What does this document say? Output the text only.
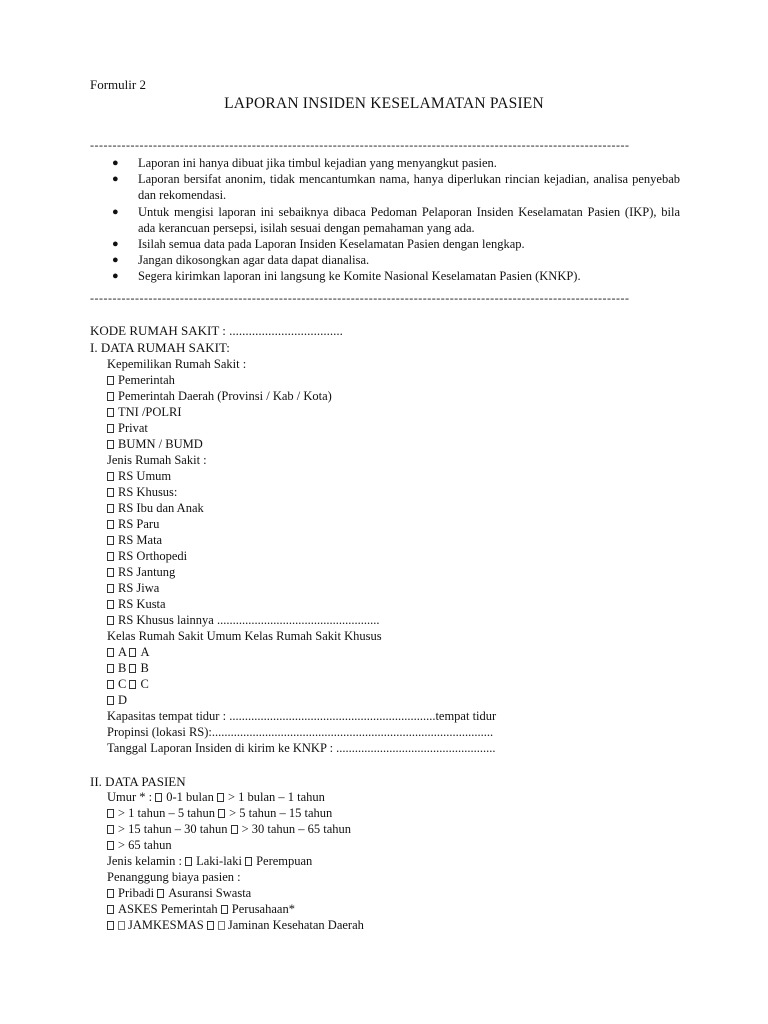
Formulir 2
LAPORAN INSIDEN KESELAMATAN PASIEN
------------------------------------------------------------------------------------------------------------------------
● Laporan ini hanya dibuat jika timbul kejadian yang menyangkut pasien.
● Laporan bersifat anonim, tidak mencantumkan nama, hanya diperlukan rincian kejadian, analisa penyebab dan rekomendasi.
● Untuk mengisi laporan ini sebaiknya dibaca Pedoman Pelaporan Insiden Keselamatan Pasien (IKP), bila ada kerancuan persepsi, isilah sesuai dengan pemahaman yang ada.
● Isilah semua data pada Laporan Insiden Keselamatan Pasien dengan lengkap.
● Jangan dikosongkan agar data dapat dianalisa.
● Segera kirimkan laporan ini langsung ke Komite Nasional Keselamatan Pasien (KNKP).
------------------------------------------------------------------------------------------------------------------------
KODE RUMAH SAKIT : ...................................
I. DATA RUMAH SAKIT:
Kepemilikan Rumah Sakit :
Pemerintah
Pemerintah Daerah (Provinsi / Kab / Kota)
TNI /POLRI
Privat
BUMN / BUMD
Jenis Rumah Sakit :
RS Umum
RS Khusus:
RS Ibu dan Anak
RS Paru
RS Mata
RS Orthopedi
RS Jantung
RS Jiwa
RS Kusta
RS Khusus lainnya ....................................................
Kelas Rumah Sakit Umum Kelas Rumah Sakit Khusus
A A
B B
C C
D
Kapasitas tempat tidur : ..................................................................tempat tidur
Propinsi (lokasi RS):..........................................................................................
Tanggal Laporan Insiden di kirim ke KNKP : ...................................................
II. DATA PASIEN
Umur * : 0-1 bulan > 1 bulan – 1 tahun
> 1 tahun – 5 tahun > 5 tahun – 15 tahun
> 15 tahun – 30 tahun > 30 tahun – 65 tahun
> 65 tahun
Jenis kelamin : Laki-laki Perempuan
Penanggung biaya pasien :
Pribadi Asuransi Swasta
ASKES Pemerintah Perusahaan*
JAMKESMAS Jaminan Kesehatan Daerah
